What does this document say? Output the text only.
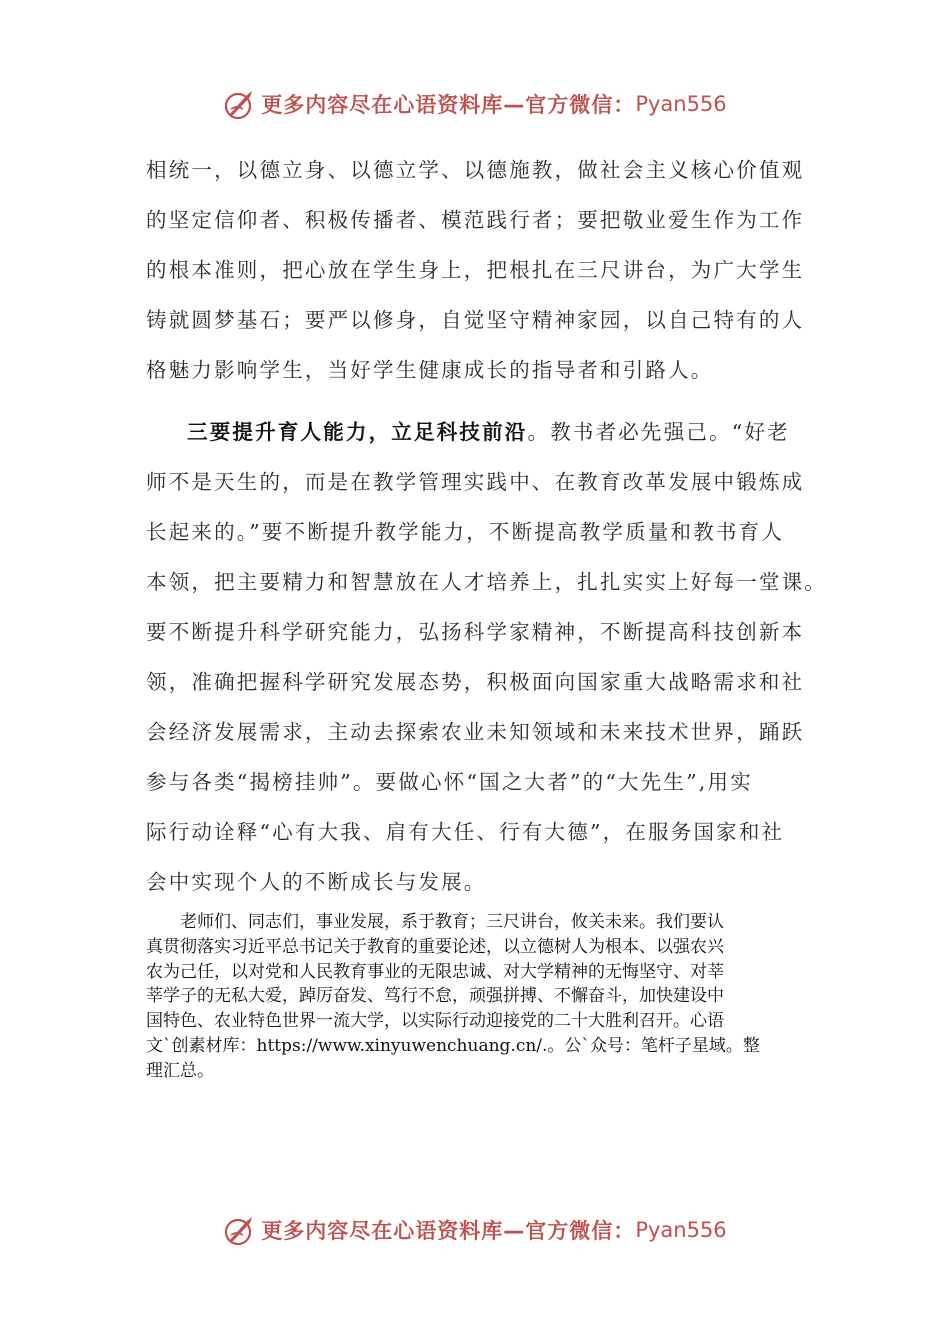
更多内容尽在心语资料库—官方微信： Pyan556
相统一，以德立身、以德立学、以德施教，做社会主义核心价值观
的坚定信仰者、积极传播者、模范践行者；要把敬业爱生作为工作
的根本准则，把心放在学生身上，把根扎在三尺讲台，为广大学生
铸就圆梦基石；要严以修身，自觉坚守精神家园，以自己特有的人
格魅力影响学生，当好学生健康成长的指导者和引路人。
三要提升育人能力，立足科技前沿。教书者必先强己。“好老
师不是天生的，而是在教学管理实践中、在教育改革发展中锻炼成
长起来的。”要不断提升教学能力，不断提高教学质量和教书育人
本领，把主要精力和智慧放在人才培养上，扎扎实实上好每一堂课。
要不断提升科学研究能力，弘扬科学家精神，不断提高科技创新本
领，准确把握科学研究发展态势，积极面向国家重大战略需求和社
会经济发展需求，主动去探索农业未知领域和未来技术世界，踊跃
参与各类“揭榜挂帅”。要做心怀“国之大者”的“大先生”,用实
际行动诠释“心有大我、肩有大任、行有大德”，在服务国家和社
会中实现个人的不断成长与发展。
老师们、同志们，事业发展，系于教育；三尺讲台，攸关未来。我们要认
真贯彻落实习近平总书记关于教育的重要论述，以立德树人为根本、以强农兴
农为己任，以对党和人民教育事业的无限忠诚、对大学精神的无悔坚守、对莘
莘学子的无私大爱，踔厉奋发、笃行不怠，顽强拼搏、不懈奋斗，加快建设中
国特色、农业特色世界一流大学，以实际行动迎接党的二十大胜利召开。心语
文`创素材库：https://www.xinyuwenchuang.cn/.。公`众号：笔杆子星域。整
理汇总。
更多内容尽在心语资料库—官方微信： Pyan556
